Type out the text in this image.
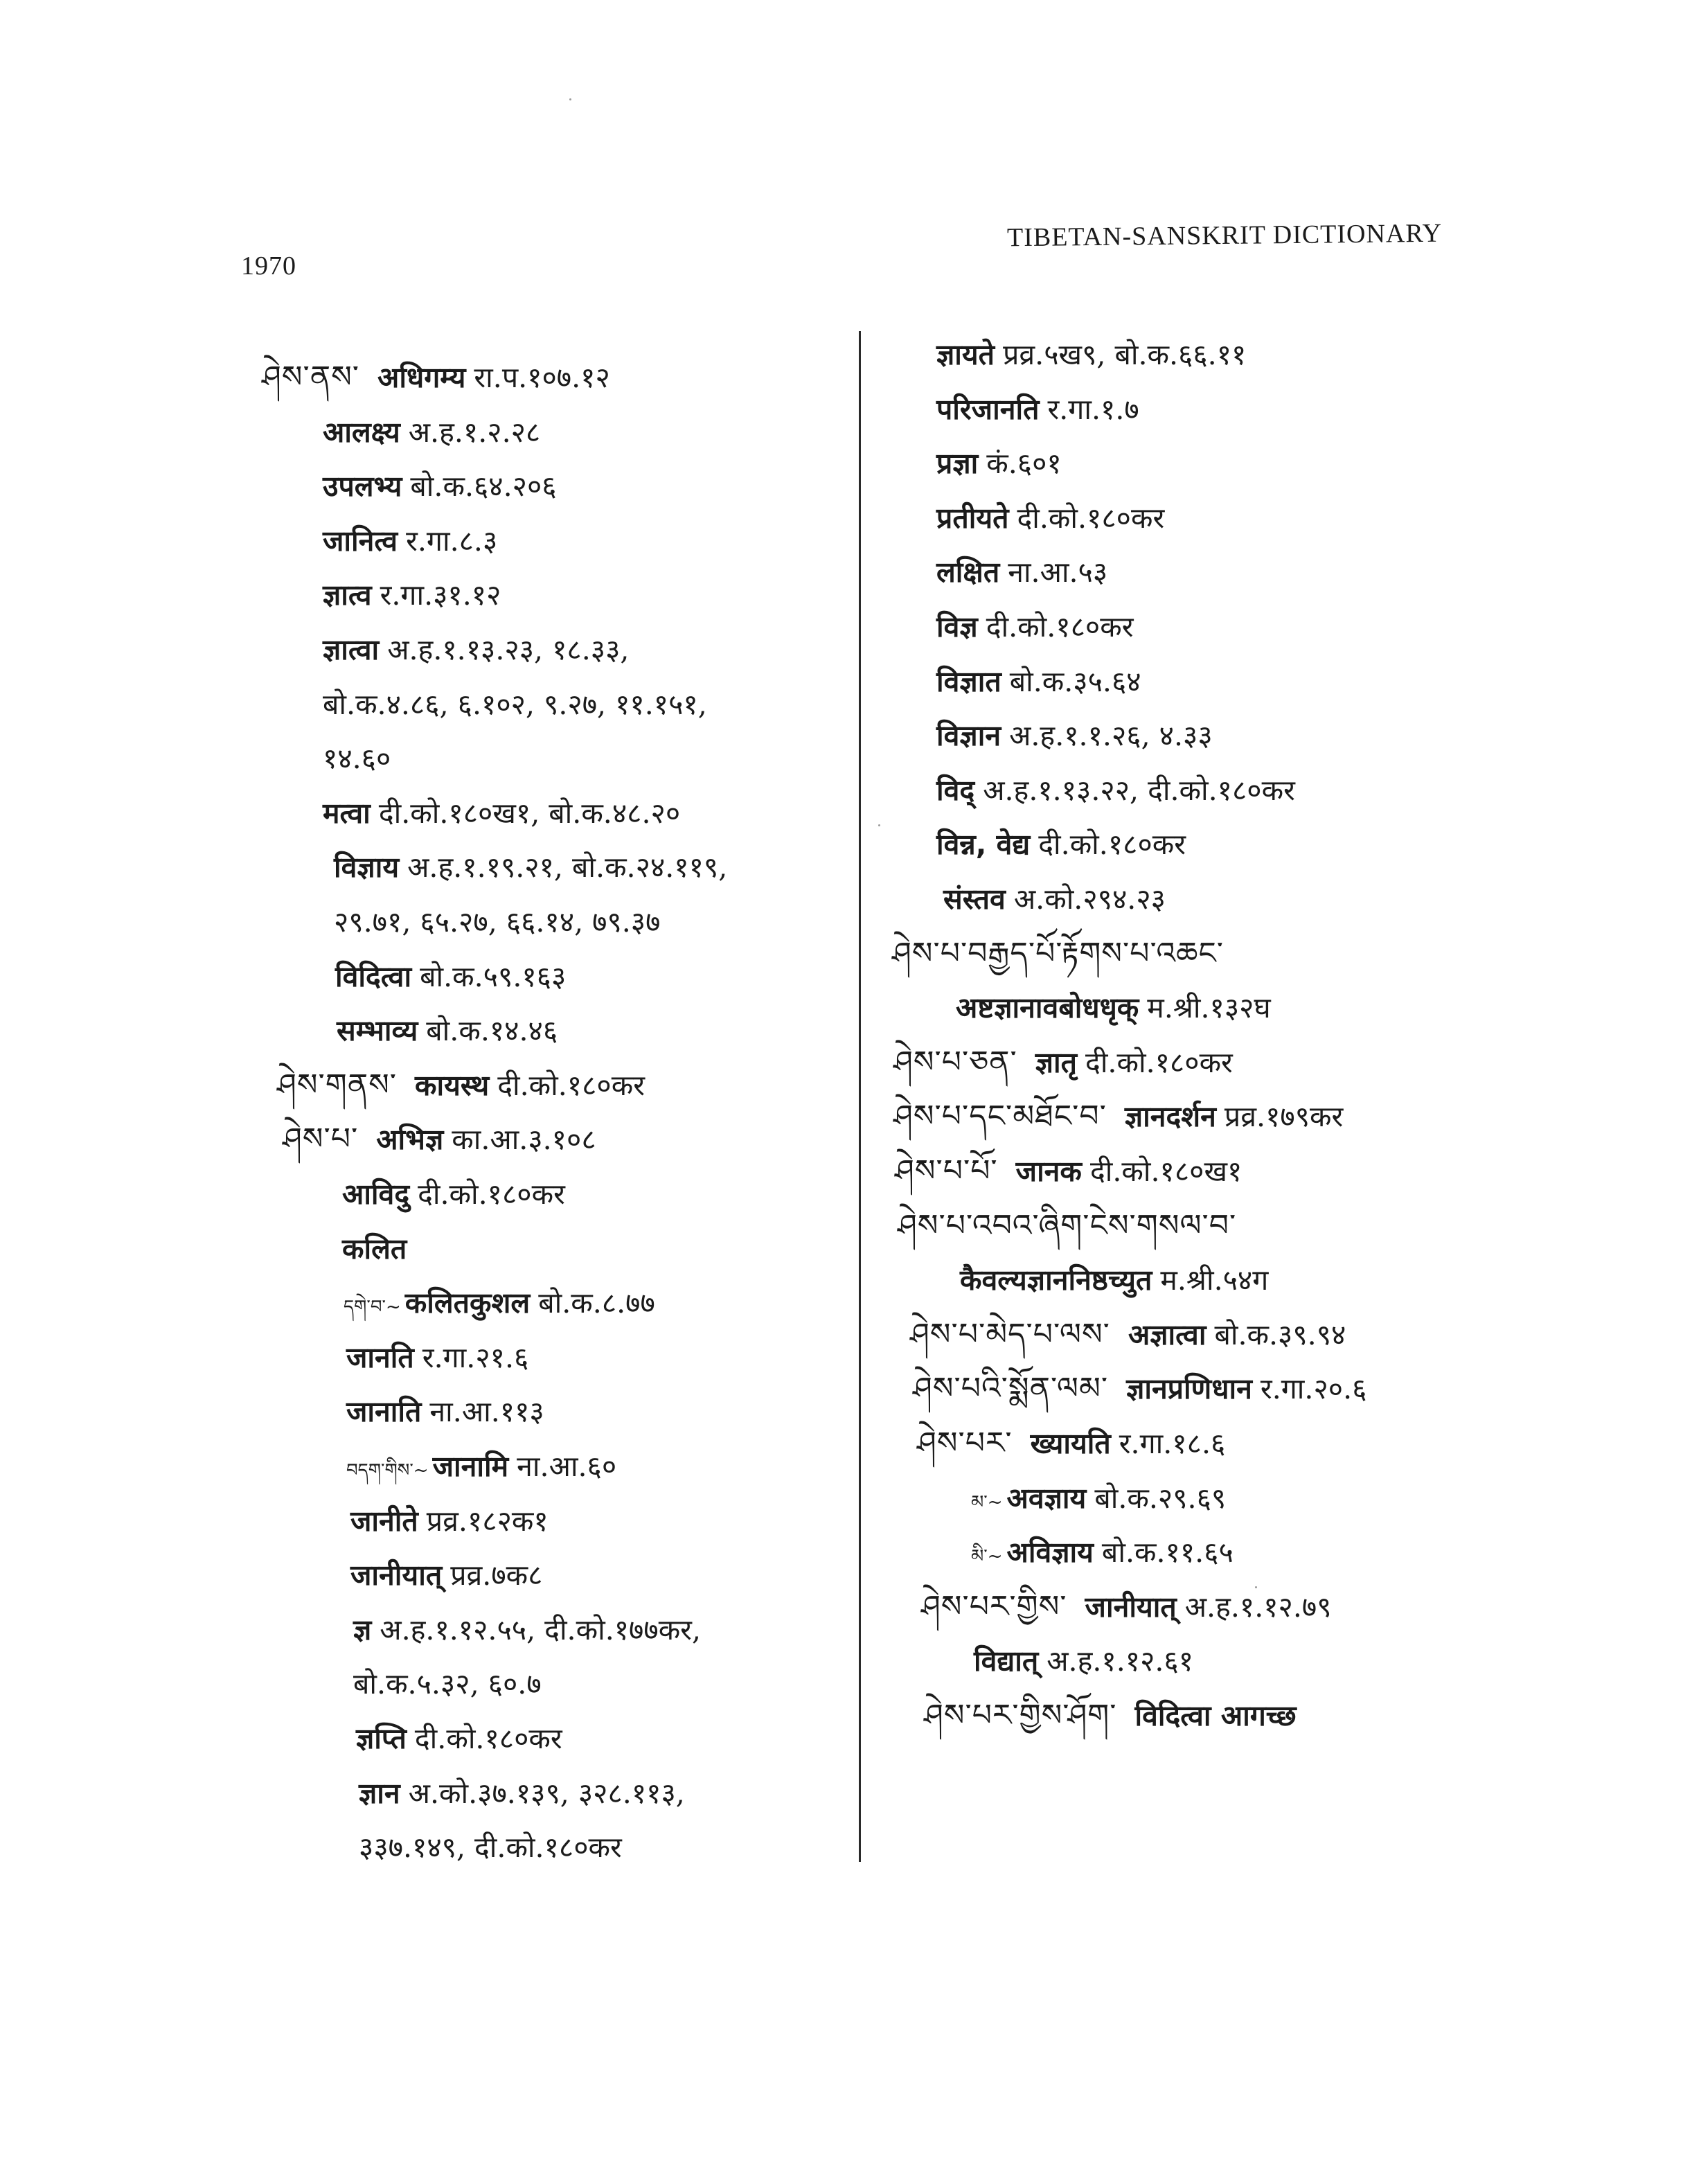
1970
TIBETAN-SANSKRIT DICTIONARY
ཤེས་ནས་ अधिगम्य रा.प.१०७.१२
आलक्ष्य अ.ह.१.२.२८
उपलभ्य बो.क.६४.२०६
जानित्व र.गा.८.३
ज्ञात्व र.गा.३१.१२
ज्ञात्वा अ.ह.१.१३.२३, १८.३३,
बो.क.४.८६, ६.१०२, ९.२७, ११.१५१,
१४.६०
मत्वा दी.को.१८०ख१, बो.क.४८.२०
विज्ञाय अ.ह.१.१९.२१, बो.क.२४.११९,
२९.७१, ६५.२७, ६६.१४, ७९.३७
विदित्वा बो.क.५९.१६३
सम्भाव्य बो.क.१४.४६
ཤེས་གནས་ कायस्थ दी.को.१८०कर
ཤེས་པ་ अभिज्ञ का.आ.३.१०८
आविदु दी.को.१८०कर
कलित
དགེ་བ་~ कलितकुशल बो.क.८.७७
जानति र.गा.२१.६
जानाति ना.आ.११३
བདག་གིས་~ जानामि ना.आ.६०
जानीते प्रव्र.१८२क१
जानीयात् प्रव्र.७क८
ज्ञ अ.ह.१.१२.५५, दी.को.१७७कर,
बो.क.५.३२, ६०.७
ज्ञप्ति दी.को.१८०कर
ज्ञान अ.को.३७.१३९, ३२८.११३,
३३७.१४९, दी.को.१८०कर
ज्ञायते प्रव्र.५ख९, बो.क.६६.११
परिजानति र.गा.१.७
प्रज्ञा कं.६०१
प्रतीयते दी.को.१८०कर
लक्षित ना.आ.५३
विज्ञ दी.को.१८०कर
विज्ञात बो.क.३५.६४
विज्ञान अ.ह.१.१.२६, ४.३३
विद् अ.ह.१.१३.२२, दी.को.१८०कर
विन्न, वेद्य दी.को.१८०कर
संस्तव अ.को.२९४.२३
ཤེས་པ་བརྒྱད་པོ་རྟོགས་པ་འཆང་
अष्टज्ञानावबोधधृक् म.श्री.१३२घ
ཤེས་པ་ཅན་ ज्ञातृ दी.को.१८०कर
ཤེས་པ་དང་མཐོང་བ་ ज्ञानदर्शन प्रव्र.१७९कर
ཤེས་པ་པོ་ जानक दी.को.१८०ख१
ཤེས་པ་འབའ་ཞིག་ངེས་གསལ་བ་
कैवल्यज्ञाननिष्ठच्युत म.श्री.५४ग
ཤེས་པ་མེད་པ་ལས་ अज्ञात्वा बो.क.३९.९४
ཤེས་པའི་སྨོན་ལམ་ ज्ञानप्रणिधान र.गा.२०.६
ཤེས་པར་ ख्यायति र.गा.१८.६
མ་~ अवज्ञाय बो.क.२९.६९
མི་~ अविज्ञाय बो.क.११.६५
ཤེས་པར་གྱིས་ जानीयात् अ.ह.१.१२.७९
विद्यात् अ.ह.१.१२.६१
ཤེས་པར་གྱིས་ཤོག་ विदित्वा आगच्छ
